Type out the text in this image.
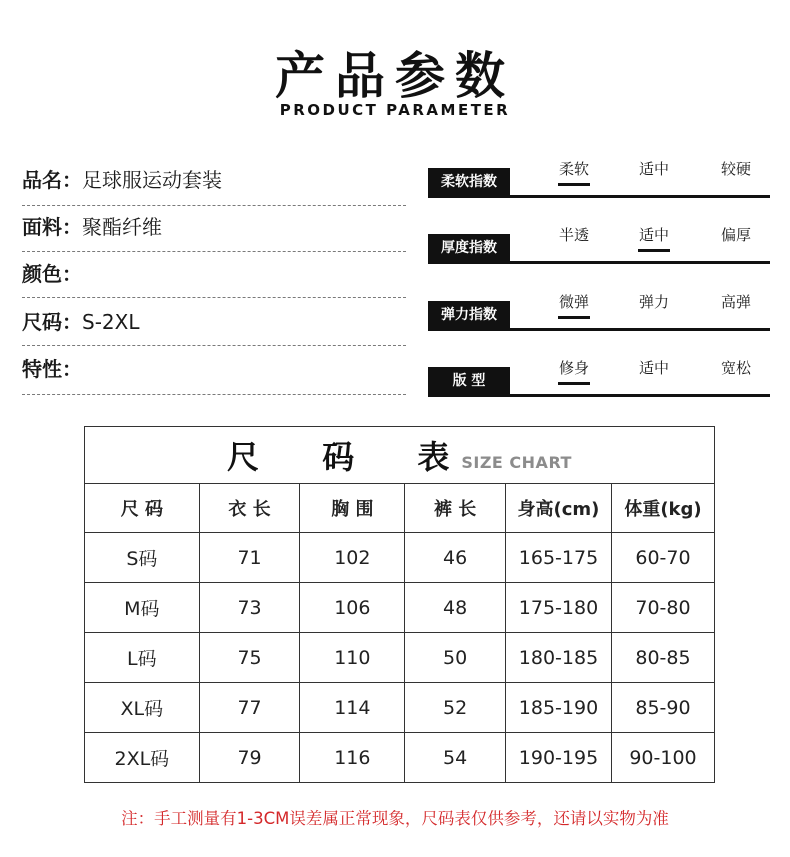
产品参数
PRODUCT PARAMETER
品名：足球服运动套装
面料：聚酯纤维
颜色：
尺码：S-2XL
特性：
柔软指数
柔软	适中	较硬
厚度指数
半透	适中	偏厚
弹力指数
微弹	弹力	高弹
版 型
修身	适中	宽松
尺 码 表SIZE CHART					
尺 码	衣 长	胸 围	裤 长	身高(cm)	体重(kg)
S码	71	102	46	165-175	60-70
M码	73	106	48	175-180	70-80
L码	75	110	50	180-185	80-85
XL码	77	114	52	185-190	85-90
2XL码	79	116	54	190-195	90-100
注：手工测量有1-3CM误差属正常现象，尺码表仅供参考，还请以实物为准
